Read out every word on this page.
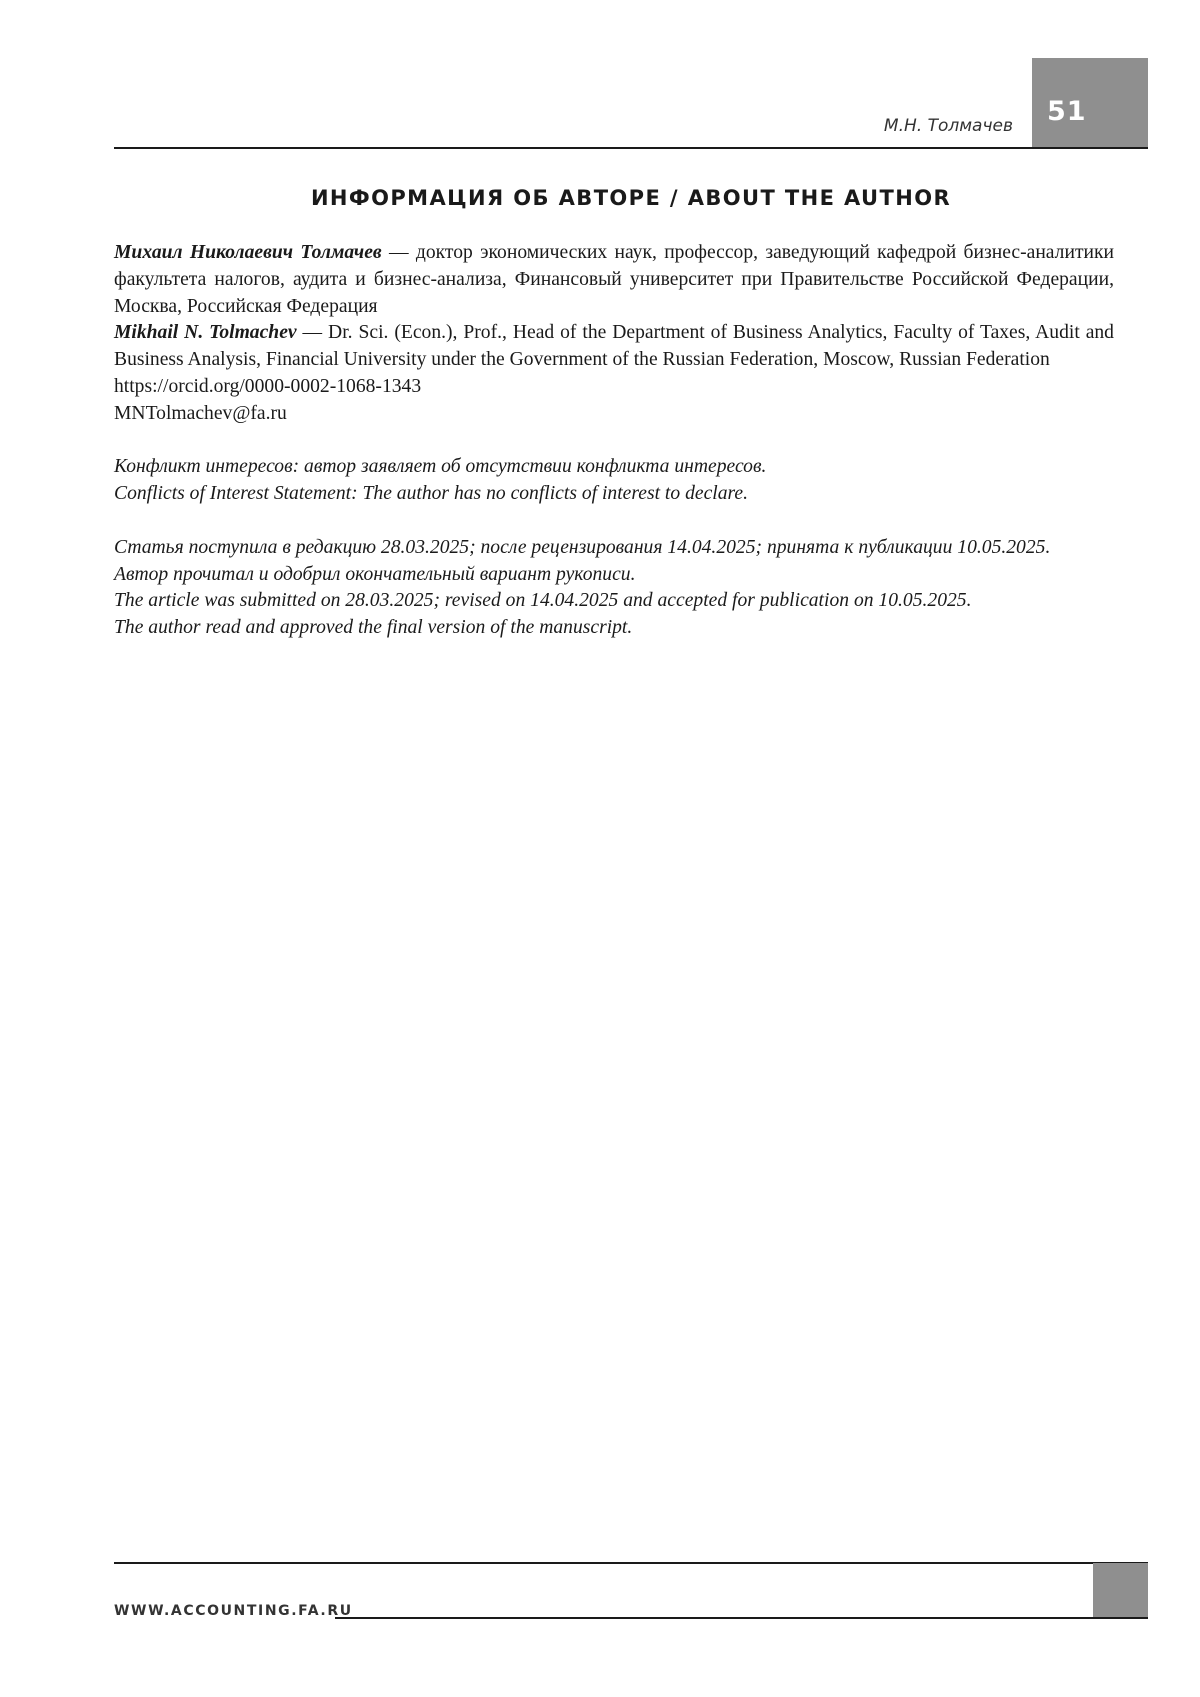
51
М.Н. Толмачев
ИНФОРМАЦИЯ ОБ АВТОРЕ / ABOUT THE AUTHOR

Михаил Николаевич Толмачев — доктор экономических наук, профессор, заведующий кафедрой бизнес-аналитики факультета налогов, аудита и бизнес-анализа, Финансовый университет при Правительстве Российской Федерации, Москва, Российская Федерация

Mikhail N. Tolmachev — Dr. Sci. (Econ.), Prof., Head of the Department of Business Analytics, Faculty of Taxes, Audit and Business Analysis, Financial University under the Government of the Russian Federation, Moscow, Russian Federation

https://orcid.org/0000-0002-1068-1343

MNTolmachev@fa.ru

Конфликт интересов: автор заявляет об отсутствии конфликта интересов.

Conflicts of Interest Statement: The author has no conflicts of interest to declare.

Статья поступила в редакцию 28.03.2025; после рецензирования 14.04.2025; принята к публикации 10.05.2025.

Автор прочитал и одобрил окончательный вариант рукописи.

The article was submitted on 28.03.2025; revised on 14.04.2025 and accepted for publication on 10.05.2025.

The author read and approved the final version of the manuscript.

WWW.ACCOUNTING.FA.RU
